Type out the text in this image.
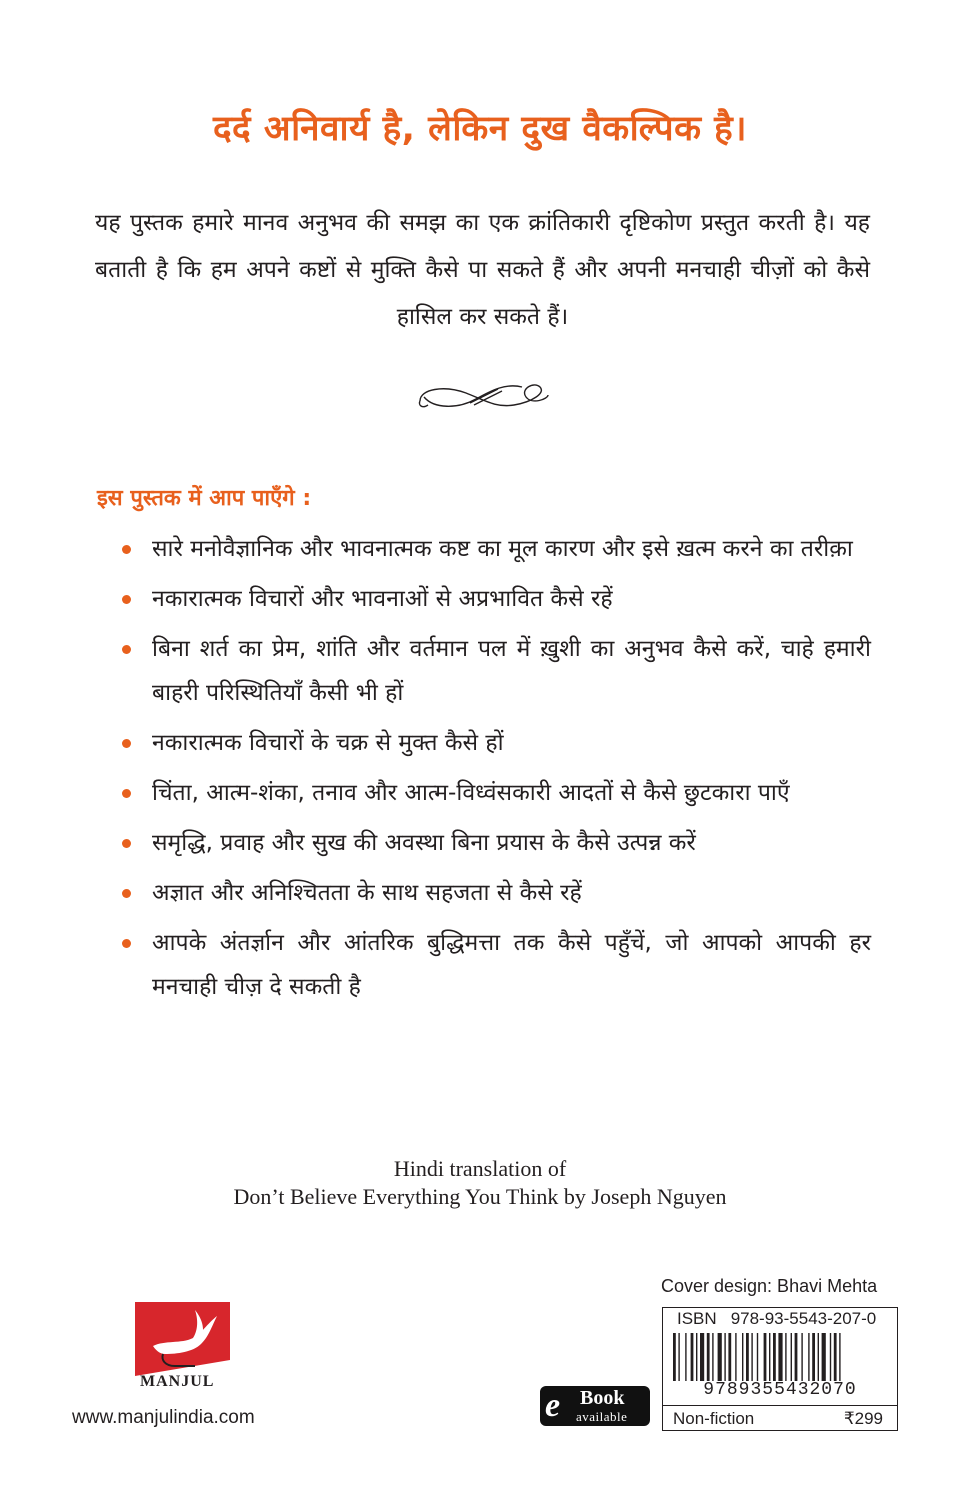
दर्द अनिवार्य है, लेकिन दुख वैकल्पिक है।
यह पुस्तक हमारे मानव अनुभव की समझ का एक क्रांतिकारी दृष्टिकोण प्रस्तुत करती है। यह बताती है कि हम अपने कष्टों से मुक्ति कैसे पा सकते हैं और अपनी मनचाही चीज़ों को कैसे हासिल कर सकते हैं।
इस पुस्तक में आप पाएँगे :
सारे मनोवैज्ञानिक और भावनात्मक कष्ट का मूल कारण और इसे ख़त्म करने का तरीक़ा
नकारात्मक विचारों और भावनाओं से अप्रभावित कैसे रहें
बिना शर्त का प्रेम, शांति और वर्तमान पल में ख़ुशी का अनुभव कैसे करें, चाहे हमारी बाहरी परिस्थितियाँ कैसी भी हों
नकारात्मक विचारों के चक्र से मुक्त कैसे हों
चिंता, आत्म-शंका, तनाव और आत्म-विध्वंसकारी आदतों से कैसे छुटकारा पाएँ
समृद्धि, प्रवाह और सुख की अवस्था बिना प्रयास के कैसे उत्पन्न करें
अज्ञात और अनिश्चितता के साथ सहजता से कैसे रहें
आपके अंतर्ज्ञान और आंतरिक बुद्धिमत्ता तक कैसे पहुँचें, जो आपको आपकी हर मनचाही चीज़ दे सकती है
Hindi translation of
Don’t Believe Everything You Think by Joseph Nguyen
Cover design: Bhavi Mehta
ISBN 978-93-5543-207-0
9789355432070
Non-fiction	₹299
MANJUL
www.manjulindia.com	e Book
available
